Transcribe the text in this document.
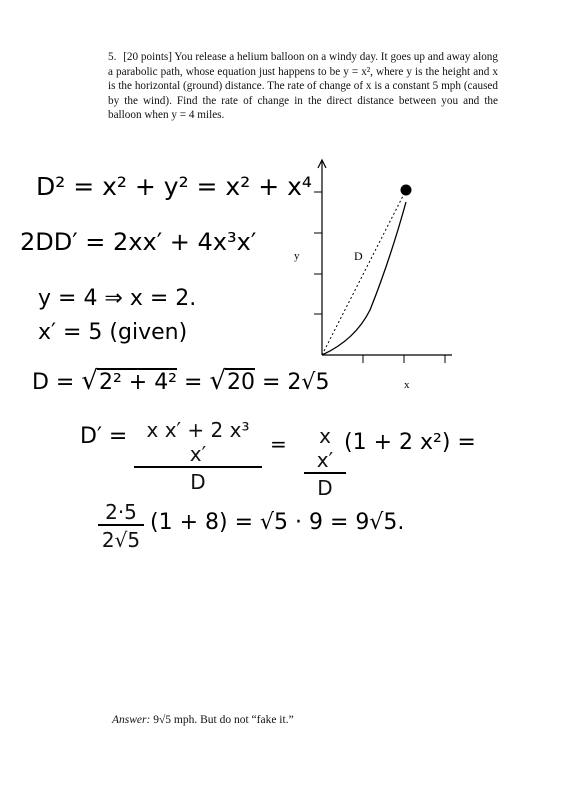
5. [20 points] You release a helium balloon on a windy day. It goes up and away along a parabolic path, whose equation just happens to be y = x², where y is the height and x is the horizontal (ground) distance. The rate of change of x is a constant 5 mph (caused by the wind). Find the rate of change in the direct distance between you and the balloon when y = 4 miles.
D² = x² + y² = x² + x⁴
2DD′ = 2xx′ + 4x³x′
y = 4 ⇒ x = 2.
x′ = 5 (given)
D = √2² + 4² = √20 = 2√5
D′ = x x′ + 2 x³ x′
D
=	x x′
D
(1 + 2 x²) =
2·5
2√5
(1 + 8) = √5 · 9 = 9√5.
y
x
D
Answer: 9√5 mph. But do not “fake it.”
